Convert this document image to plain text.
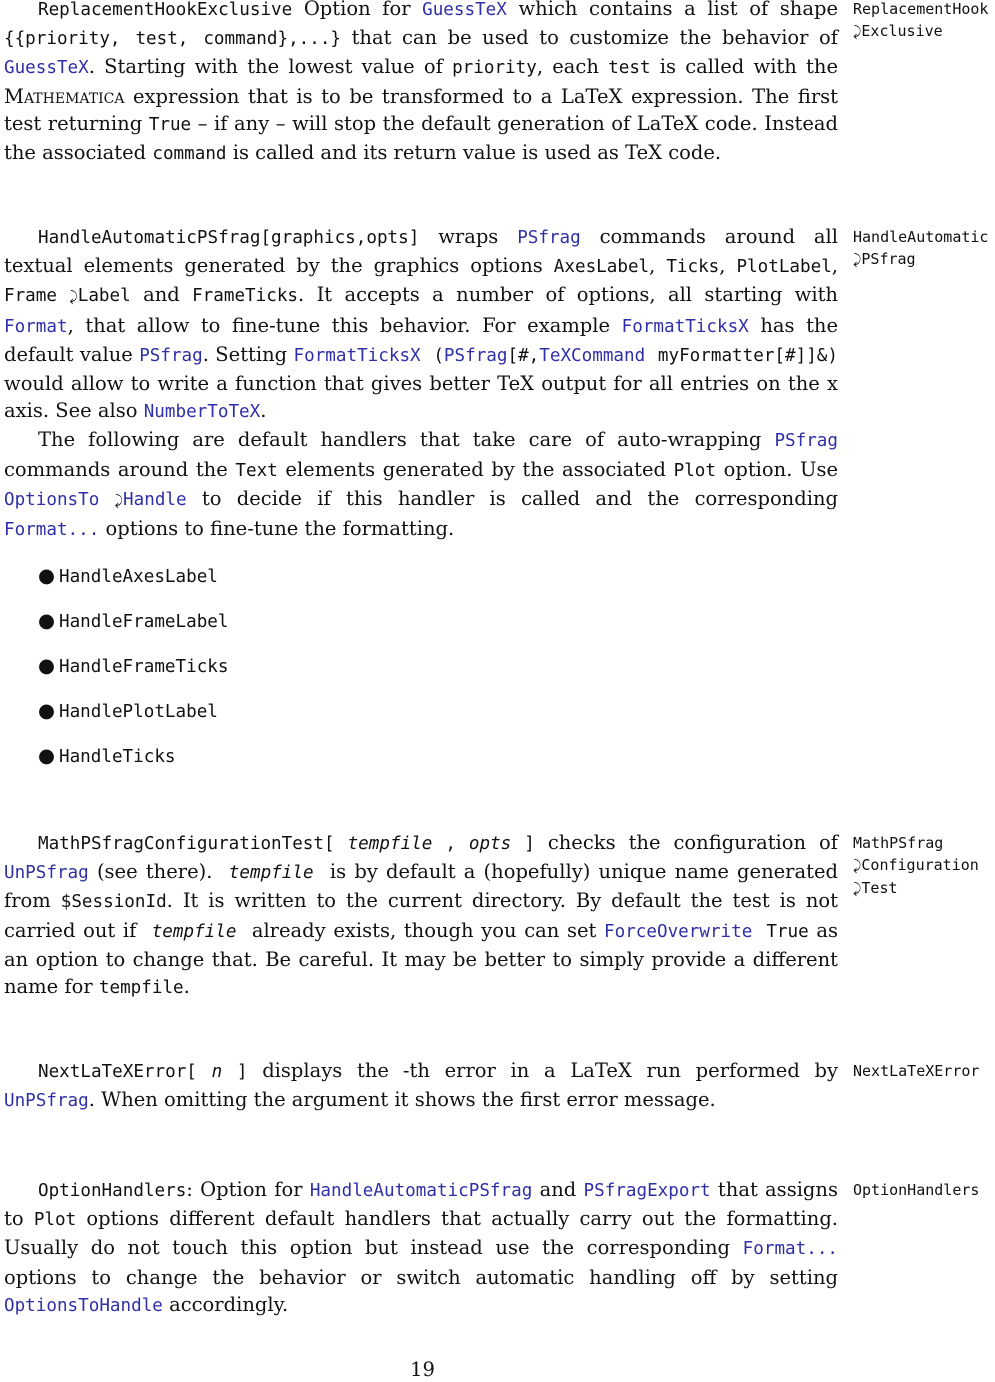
ReplacementHookExclusive Option for GuessTeX which contains a list of shape {{priority, test, command},...} that can be used to customize the behavior of GuessTeX. Starting with the lowest value of priority, each test is called with the Mathematica expression that is to be transformed to a LaTeX expression. The first test returning True – if any – will stop the default generation of LaTeX code. Instead the associated command is called and its return value is used as TeX code.

ReplacementHook
⤸Exclusive

HandleAutomaticPSfrag[graphics,opts] wraps PSfrag commands around all textual elements generated by the graphics options AxesLabel, Ticks, PlotLabel, Frame ⤸Label and FrameTicks. It accepts a number of options, all starting with Format, that allow to fine-tune this behavior. For example FormatTicksX has the default value PSfrag. Setting FormatTicksX (PSfrag[#,TeXCommand myFormatter[#]]&) would allow to write a function that gives better TeX output for all entries on the x axis. See also NumberToTeX.

The following are default handlers that take care of auto-wrapping PSfrag commands around the Text elements generated by the associated Plot option. Use OptionsTo ⤸Handle to decide if this handler is called and the corresponding Format... options to fine-tune the formatting.

● HandleAxesLabel
● HandleFrameLabel
● HandleFrameTicks
● HandlePlotLabel
● HandleTicks
HandleAutomatic
⤸PSfrag

MathPSfragConfigurationTest[ tempfile , opts ] checks the configuration of UnPSfrag (see there). tempfile is by default a (hopefully) unique name generated from $SessionId. It is written to the current directory. By default the test is not carried out if tempfile already exists, though you can set ForceOverwrite True as an option to change that. Be careful. It may be better to simply provide a different name for tempfile.

MathPSfrag
⤸Configuration
⤸Test

NextLaTeXError[ n ] displays the -th error in a LaTeX run performed by UnPSfrag. When omitting the argument it shows the first error message.

NextLaTeXError

OptionHandlers: Option for HandleAutomaticPSfrag and PSfragExport that assigns to Plot options different default handlers that actually carry out the formatting. Usually do not touch this option but instead use the corresponding Format... options to change the behavior or switch automatic handling off by setting OptionsToHandle accordingly.

OptionHandlers
19
